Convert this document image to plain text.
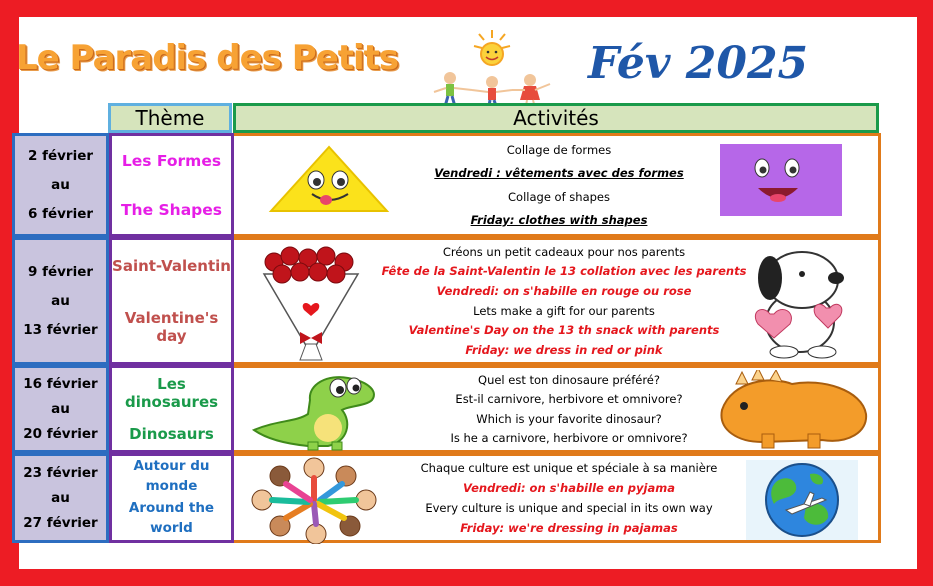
Le Paradis des Petits	Fév 2025
Thème	Activités
2 février
au
6 février
Les Formes
The Shapes
Collage de formes
Vendredi : vêtements avec des formes
Collage of shapes
Friday: clothes with shapes
9 février
au
13 février
Saint-Valentin
Valentine's day
Créons un petit cadeaux pour nos parents
Fête de la Saint-Valentin le 13 collation avec les parents
Vendredi: on s'habille en rouge ou rose
Lets make a gift for our parents
Valentine's Day on the 13 th snack with parents
Friday: we dress in red or pink
16 février
au
20 février
Les dinosaures
Dinosaurs
Quel est ton dinosaure préféré?
Est-il carnivore, herbivore et omnivore?
Which is your favorite dinosaur?
Is he a carnivore, herbivore or omnivore?
23 février
au
27 février
Autour du monde
Around the world
Chaque culture est unique et spéciale à sa manière
Vendredi: on s'habille en pyjama
Every culture is unique and special in its own way
Friday: we're dressing in pajamas
